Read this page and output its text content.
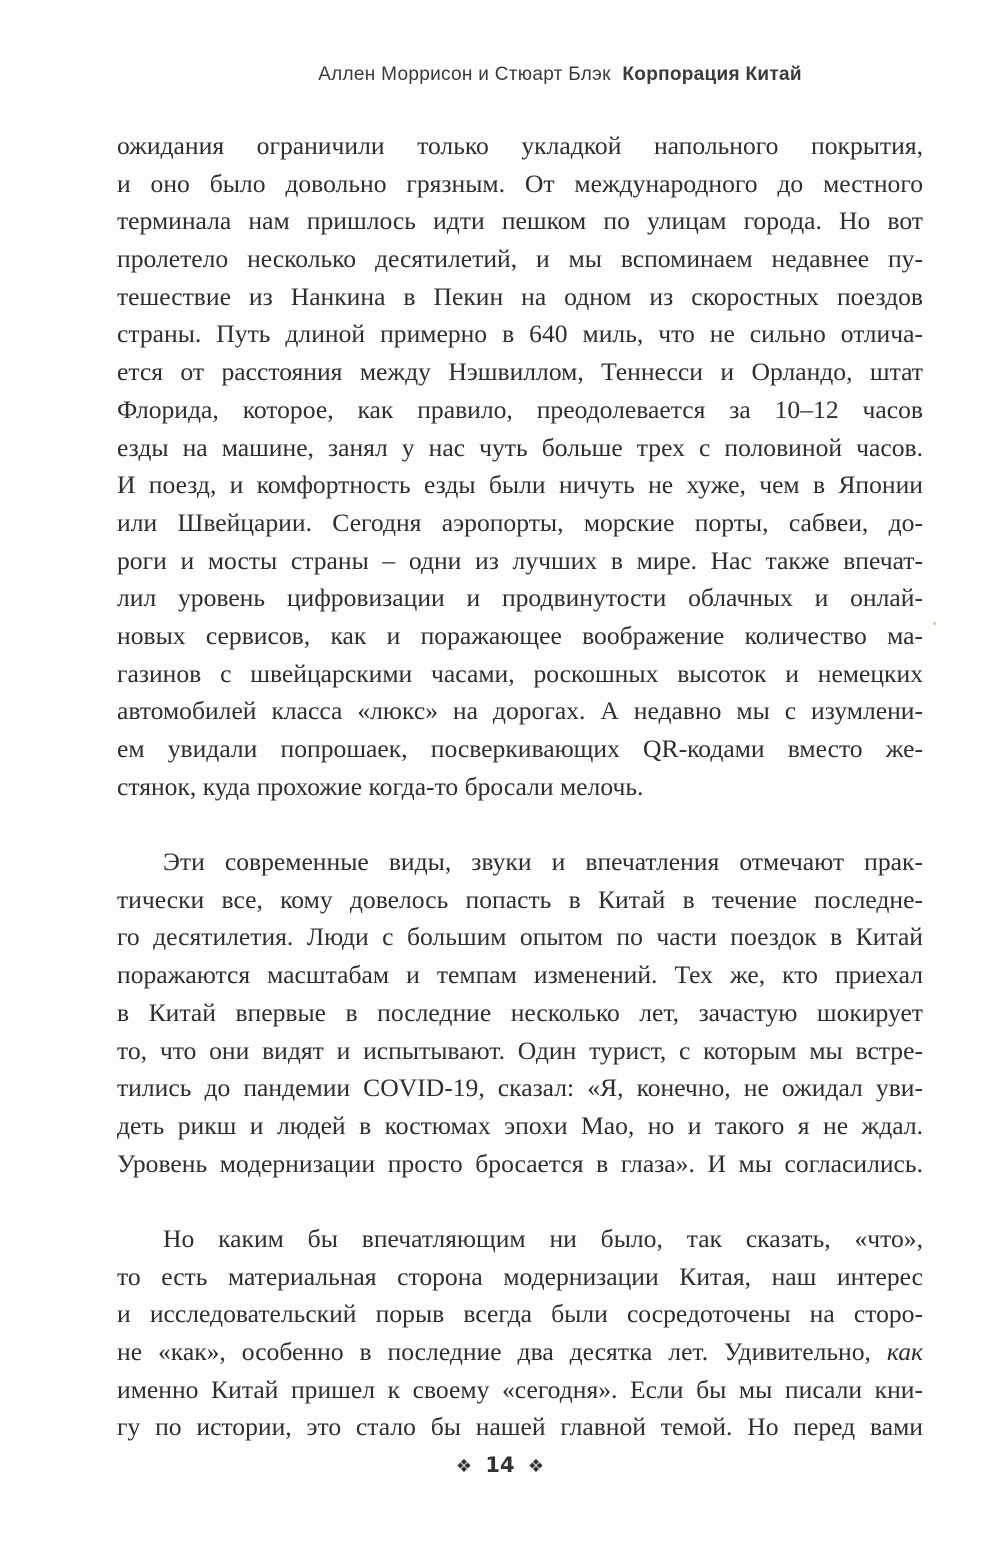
Аллен Моррисон и Стюарт Блэк Корпорация Китай
ожидания ограничили только укладкой напольного покрытия,
и оно было довольно грязным. От международного до местного
терминала нам пришлось идти пешком по улицам города. Но вот
пролетело несколько десятилетий, и мы вспоминаем недавнее пу-
тешествие из Нанкина в Пекин на одном из скоростных поездов
страны. Путь длиной примерно в 640 миль, что не сильно отлича-
ется от расстояния между Нэшвиллом, Теннесси и Орландо, штат
Флорида, которое, как правило, преодолевается за 10–12 часов
езды на машине, занял у нас чуть больше трех с половиной часов.
И поезд, и комфортность езды были ничуть не хуже, чем в Японии
или Швейцарии. Сегодня аэропорты, морские порты, сабвеи, до-
роги и мосты страны – одни из лучших в мире. Нас также впечат-
лил уровень цифровизации и продвинутости облачных и онлай-
новых сервисов, как и поражающее воображение количество ма-
газинов с швейцарскими часами, роскошных высоток и немецких
автомобилей класса «люкс» на дорогах. А недавно мы с изумлени-
ем увидали попрошаек, посверкивающих QR-кодами вместо же-
стянок, куда прохожие когда-то бросали мелочь.
Эти современные виды, звуки и впечатления отмечают прак-
тически все, кому довелось попасть в Китай в течение последне-
го десятилетия. Люди с большим опытом по части поездок в Китай
поражаются масштабам и темпам изменений. Тех же, кто приехал
в Китай впервые в последние несколько лет, зачастую шокирует
то, что они видят и испытывают. Один турист, с которым мы встре-
тились до пандемии COVID-19, сказал: «Я, конечно, не ожидал уви-
деть рикш и людей в костюмах эпохи Мао, но и такого я не ждал.
Уровень модернизации просто бросается в глаза». И мы согласились.
Но каким бы впечатляющим ни было, так сказать, «что»,
то есть материальная сторона модернизации Китая, наш интерес
и исследовательский порыв всегда были сосредоточены на сторо-
не «как», особенно в последние два десятка лет. Удивительно, как
именно Китай пришел к своему «сегодня». Если бы мы писали кни-
гу по истории, это стало бы нашей главной темой. Но перед вами
❖ 14 ❖
